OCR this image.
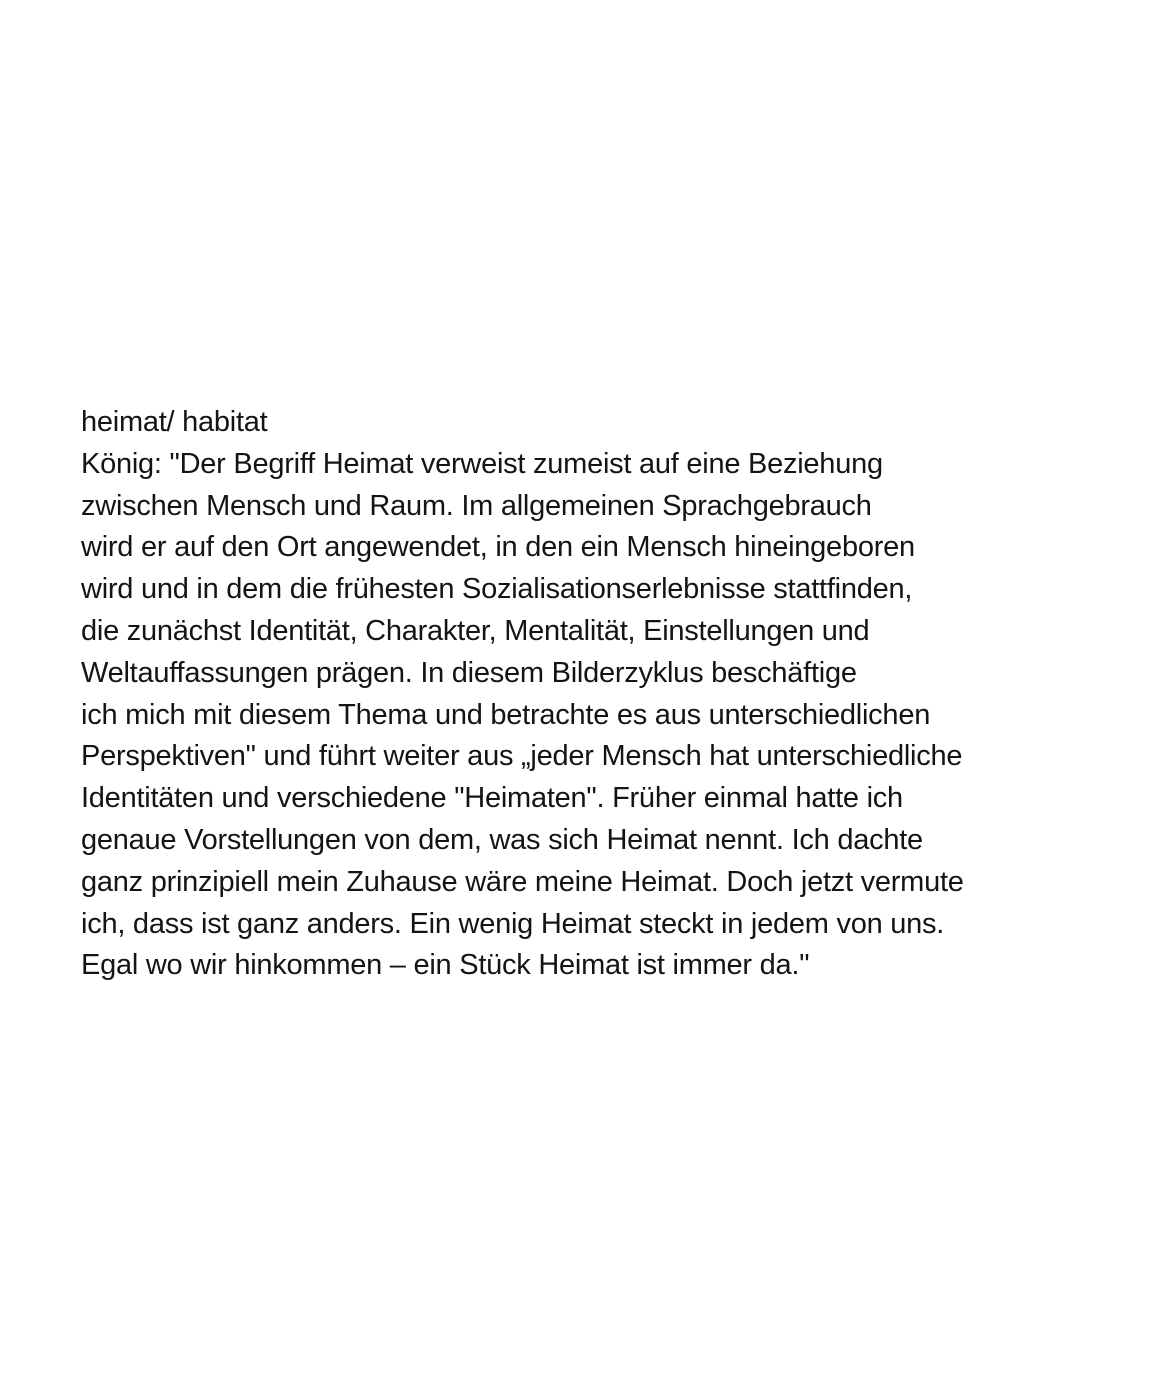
heimat/ habitat
König: "Der Begriff Heimat verweist zumeist auf eine Beziehung
zwischen Mensch und Raum. Im allgemeinen Sprachgebrauch
wird er auf den Ort angewendet, in den ein Mensch hineingeboren
wird und in dem die frühesten Sozialisationserlebnisse stattfinden,
die zunächst Identität, Charakter, Mentalität, Einstellungen und
Weltauffassungen prägen. In diesem Bilderzyklus beschäftige
ich mich mit diesem Thema und betrachte es aus unterschiedlichen
Perspektiven" und führt weiter aus „jeder Mensch hat unterschiedliche
Identitäten und verschiedene "Heimaten". Früher einmal hatte ich
genaue Vorstellungen von dem, was sich Heimat nennt. Ich dachte
ganz prinzipiell mein Zuhause wäre meine Heimat. Doch jetzt vermute
ich, dass ist ganz anders. Ein wenig Heimat steckt in jedem von uns.
Egal wo wir hinkommen – ein Stück Heimat ist immer da."
